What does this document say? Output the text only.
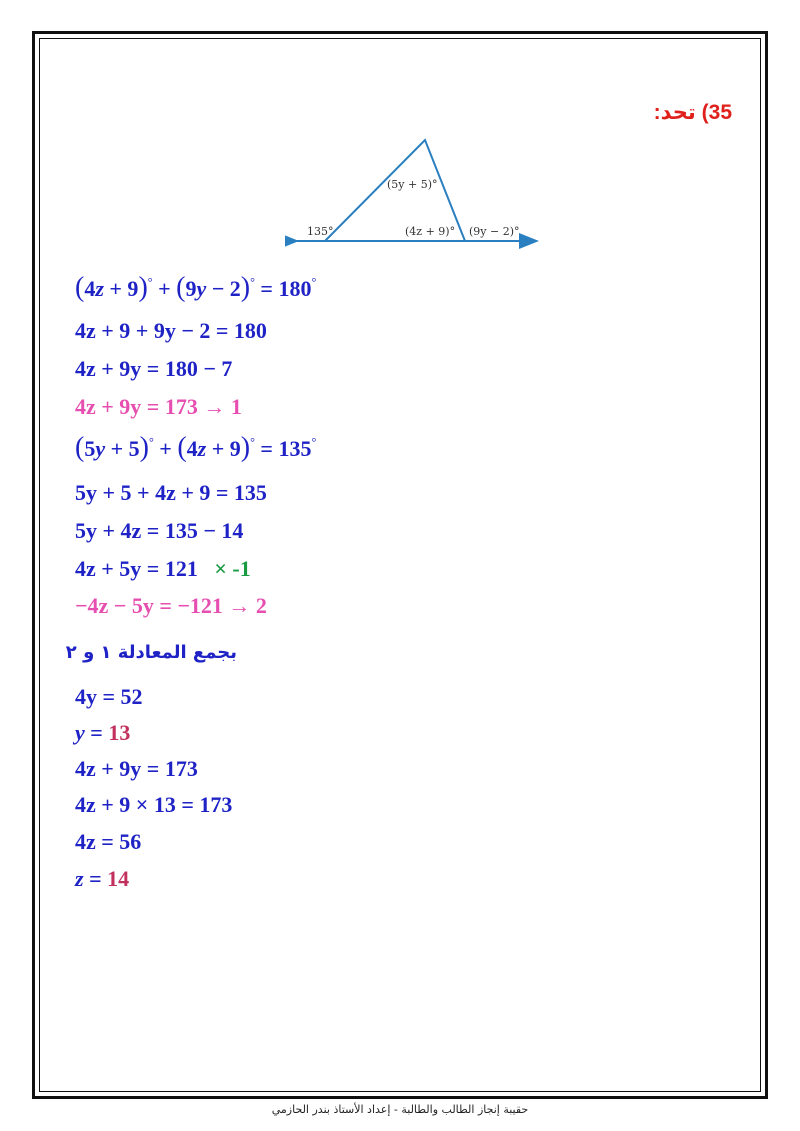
35) تحد:
(5y + 5)°
135°	(4z + 9)° (9y − 2)°
(4z + 9)° + (9y − 2)° = 180°
4z + 9 + 9y − 2 = 180
4z + 9y = 180 − 7
4z + 9y = 173 → 1
(5y + 5)° + (4z + 9)° = 135°
5y + 5 + 4z + 9 = 135
5y + 4z = 135 − 14
4z + 5y = 121 × -1
−4z − 5y = −121 → 2
بجمع المعادلة ١ و ٢
4y = 52
y = 13
4z + 9y = 173
4z + 9 × 13 = 173
4z = 56
z = 14
حقيبة إنجاز الطالب والطالبة - إعداد الأستاذ بندر الحازمي
